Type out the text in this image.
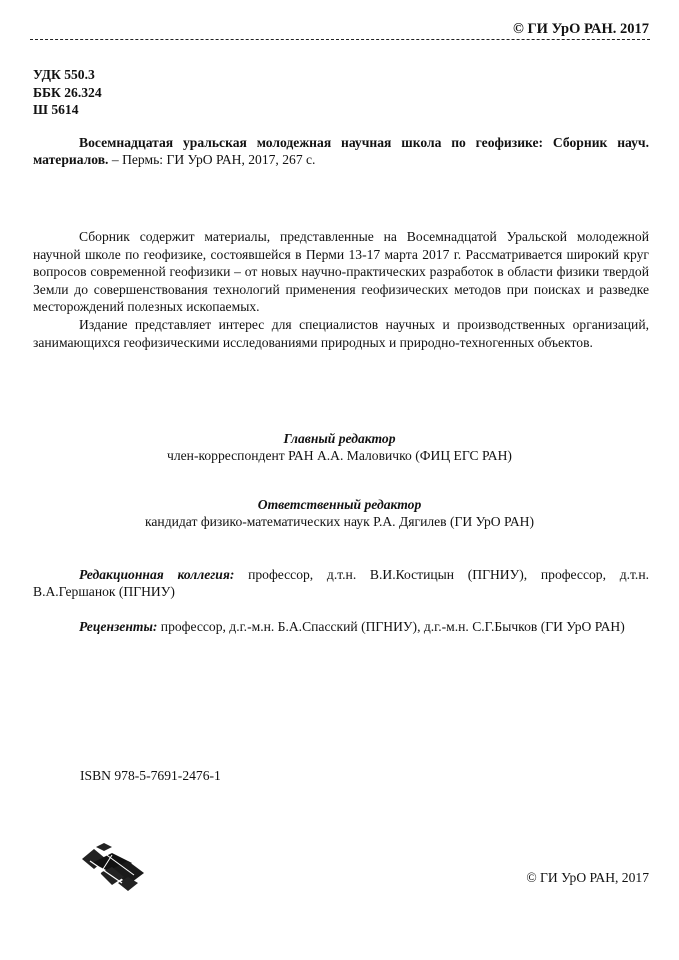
© ГИ УрО РАН. 2017
УДК 550.3
ББК 26.324
Ш 5614
Восемнадцатая уральская молодежная научная школа по геофизике: Сборник науч. материалов. – Пермь: ГИ УрО РАН, 2017, 267 с.

Сборник содержит материалы, представленные на Восемнадцатой Уральской молодежной научной школе по геофизике, состоявшейся в Перми 13-17 марта 2017 г. Рассматривается широкий круг вопросов современной геофизики – от новых научно-практических разработок в области физики твердой Земли до совершенствования технологий применения геофизических методов при поисках и разведке месторождений полезных ископаемых.

Издание представляет интерес для специалистов научных и производственных организаций, занимающихся геофизическими исследованиями природных и природно-техногенных объектов.

Главный редактор
член-корреспондент РАН А.А. Маловичко (ФИЦ ЕГС РАН)
Ответственный редактор
кандидат физико-математических наук Р.А. Дягилев (ГИ УрО РАН)
Редакционная коллегия: профессор, д.т.н. В.И.Костицын (ПГНИУ), профессор, д.т.н. В.А.Гершанок (ПГНИУ)
Рецензенты: профессор, д.г.-м.н. Б.А.Спасский (ПГНИУ), д.г.-м.н. С.Г.Бычков (ГИ УрО РАН)
ISBN 978-5-7691-2476-1
© ГИ УрО РАН, 2017
